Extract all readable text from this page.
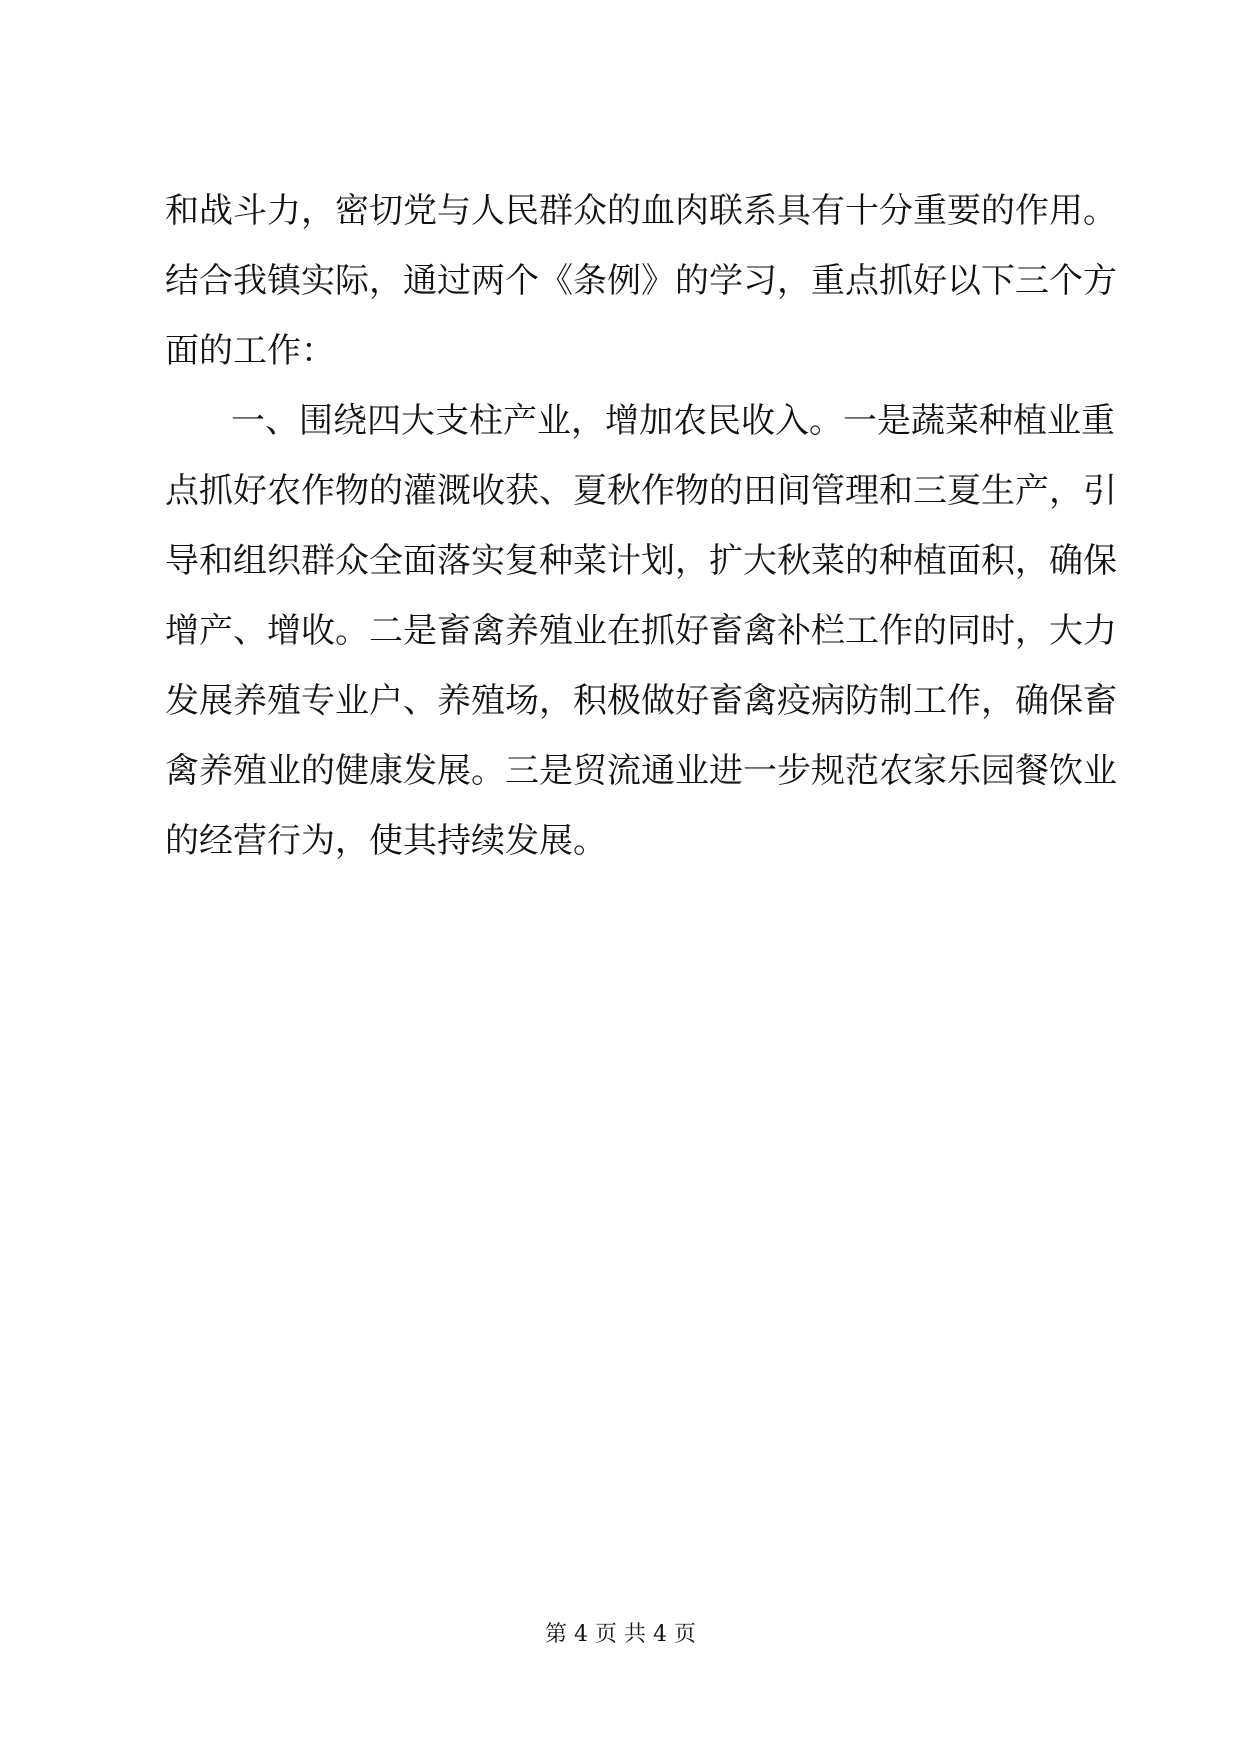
和战斗力，密切党与人民群众的血肉联系具有十分重要的作用。
结合我镇实际，通过两个《条例》的学习，重点抓好以下三个方
面的工作：
一、围绕四大支柱产业，增加农民收入。一是蔬菜种植业重
点抓好农作物的灌溉收获、夏秋作物的田间管理和三夏生产，引
导和组织群众全面落实复种菜计划，扩大秋菜的种植面积，确保
增产、增收。二是畜禽养殖业在抓好畜禽补栏工作的同时，大力
发展养殖专业户、养殖场，积极做好畜禽疫病防制工作，确保畜
禽养殖业的健康发展。三是贸流通业进一步规范农家乐园餐饮业
的经营行为，使其持续发展。
第 4 页 共 4 页
